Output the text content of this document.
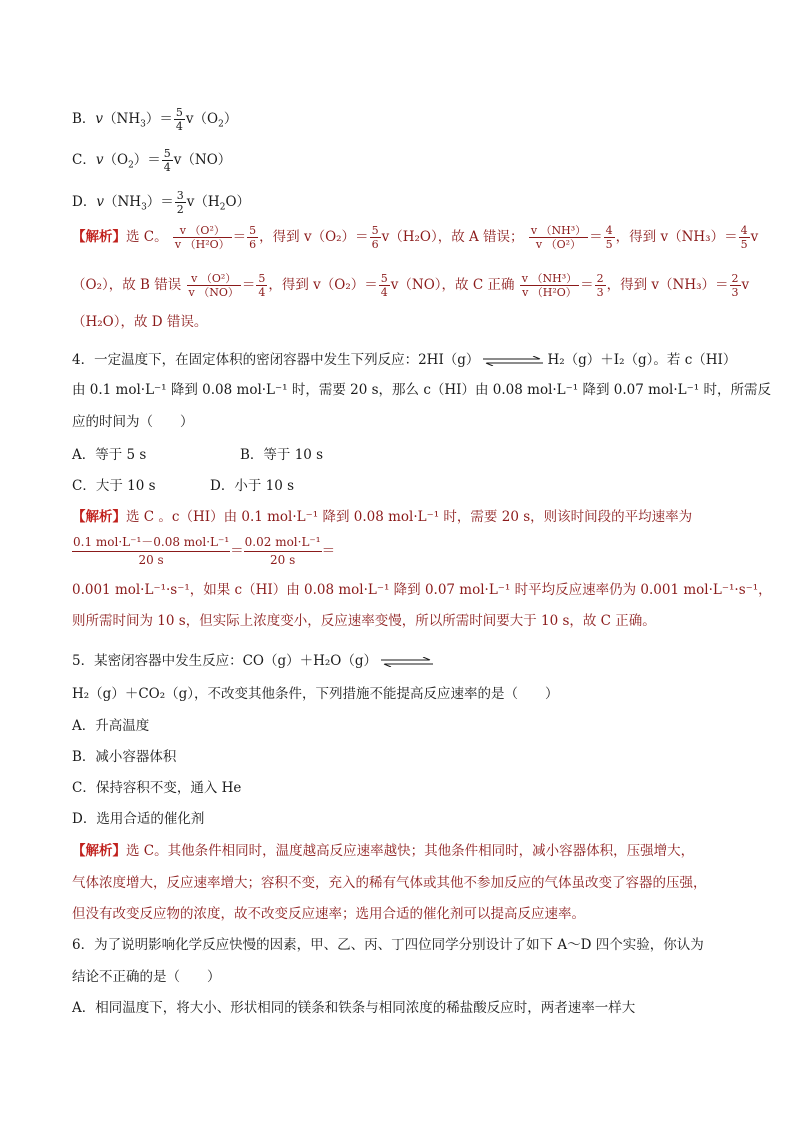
B．$v(NH_3)= \frac{5}{4} v(O_2)$
C．$v(O_2)= \frac{5}{4} v(NO)$
D．$v(NH_3)= \frac{3}{2} v(H_2O)$
【解析】选 C。 $\frac{\text{v （O²）}}{\text{v （H²O）}} = \frac{5}{6}$ ，得到 $v(O_2)= \frac{5}{6} v(H_2O)$，故 A 错误； $\frac{\text{v （NH³）}}{\text{v （O²）}} = \frac{4}{5}$ ，得到 $v(NH_3)= \frac{4}{5}$ v
（O₂），故 B 错误 $\frac{\text{v （O²）}}{v (NO)} = \frac{5}{4}$ ，得到 $v(O_2)= \frac{5}{4} v(NO)$，故 C 正确 $\frac{\text{v （NH³）}}{\text{v （H²O）}} = \frac{2}{3}$ ，得到 $v(NH_3)= \frac{2}{3}$ v
（H₂O），故 D 错误。
4．一定温度下，在固定体积的密闭容器中发生下列反应：2HI（g）	H₂（g）＋I₂（g）。若 c（HI）
由 0.1 mol·L⁻¹ 降到 0.08 mol·L⁻¹ 时，需要 20 s，那么 c（HI）由 0.08 mol·L⁻¹ 降到 0.07 mol·L⁻¹ 时，所需反
应的时间为（　　）
A．等于 5 s	B．等于 10 s
C．大于 10 s	D．小于 10 s
【解析】选 C 。c（HI）由 0.1 mol·L⁻¹ 降到 0.08 mol·L⁻¹ 时，需要 20 s，则该时间段的平均速率为
$\frac{\text{0.1 mol·L⁻¹－0.08 mol·L⁻¹}}{20 s} = \frac{\text{0.02 mol·L⁻¹}}{20 s}$ ＝
0.001 mol·L⁻¹·s⁻¹，如果 c（HI）由 0.08 mol·L⁻¹ 降到 0.07 mol·L⁻¹ 时平均反应速率仍为 0.001 mol·L⁻¹·s⁻¹，
则所需时间为 10 s，但实际上浓度变小，反应速率变慢，所以所需时间要大于 10 s，故 C 正确。
5．某密闭容器中发生反应：CO（g）＋H₂O（g） ⇌
H₂（g）＋CO₂（g），不改变其他条件，下列措施不能提高反应速率的是（　　）
A．升高温度
B．减小容器体积
C．保持容积不变，通入 He
D．选用合适的催化剂
【解析】选 C。其他条件相同时，温度越高反应速率越快；其他条件相同时，减小容器体积，压强增大，
气体浓度增大，反应速率增大；容积不变，充入的稀有气体或其他不参加反应的气体虽改变了容器的压强，
但没有改变反应物的浓度，故不改变反应速率；选用合适的催化剂可以提高反应速率。
6．为了说明影响化学反应快慢的因素，甲、乙、丙、丁四位同学分别设计了如下 A～D 四个实验，你认为
结论不正确的是（　　）
A．相同温度下，将大小、形状相同的镁条和铁条与相同浓度的稀盐酸反应时，两者速率一样大
